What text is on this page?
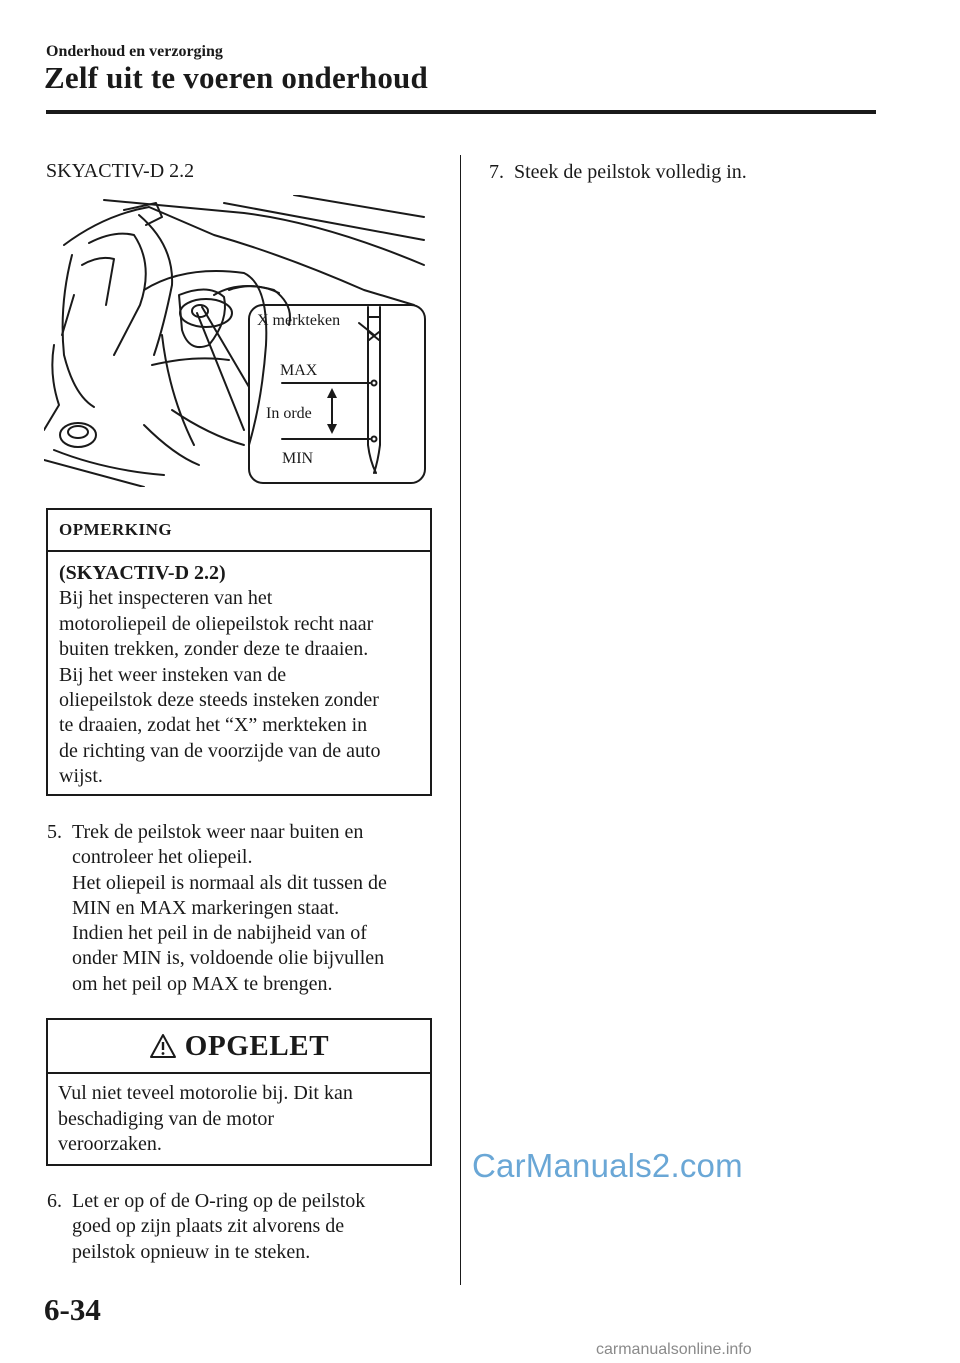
Onderhoud en verzorging
Zelf uit te voeren onderhoud
SKYACTIV-D 2.2
X merkteken
MAX
In orde
MIN
OPMERKING
(SKYACTIV-D 2.2)
Bij het inspecteren van het
motoroliepeil de oliepeilstok recht naar
buiten trekken, zonder deze te draaien.
Bij het weer insteken van de
oliepeilstok deze steeds insteken zonder
te draaien, zodat het “X” merkteken in
de richting van de voorzijde van de auto
wijst.
5. Trek de peilstok weer naar buiten en
controleer het oliepeil.
Het oliepeil is normaal als dit tussen de
MIN en MAX markeringen staat.
Indien het peil in de nabijheid van of
onder MIN is, voldoende olie bijvullen
om het peil op MAX te brengen.
OPGELET
Vul niet teveel motorolie bij. Dit kan
beschadiging van de motor
veroorzaken.
6. Let er op of de O-ring op de peilstok
goed op zijn plaats zit alvorens de
peilstok opnieuw in te steken.
7. Steek de peilstok volledig in.
CarManuals2.com
6-34
carmanualsonline.info
